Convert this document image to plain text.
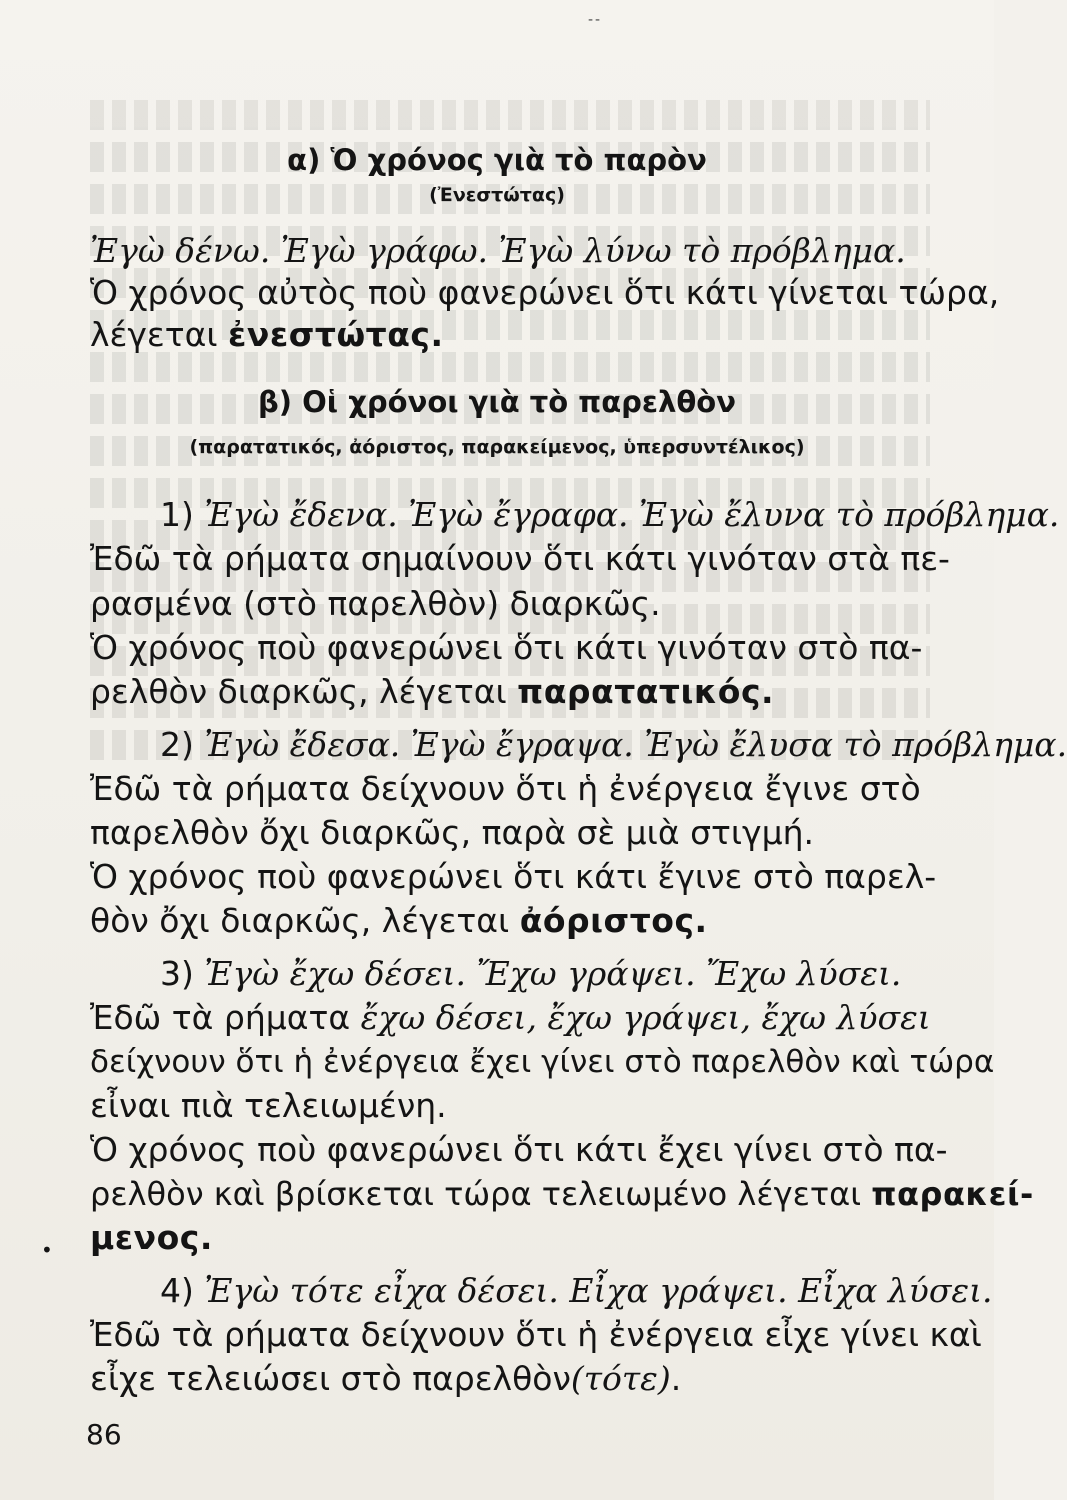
--
α) Ὁ χρόνος γιὰ τὸ παρὸν
(Ἐνεστώτας)
Ἐγὼ δένω. Ἐγὼ γράφω. Ἐγὼ λύνω τὸ πρόβλημα.
Ὁ χρόνος αὐτὸς ποὺ φανερώνει ὅτι κάτι γίνεται τώρα,
λέγεται ἐνεστώτας.
β) Οἱ χρόνοι γιὰ τὸ παρελθὸν
(παρατατικός, ἀόριστος, παρακείμενος, ὑπερσυντέλικος)
1) Ἐγὼ ἔδενα. Ἐγὼ ἔγραφα. Ἐγὼ ἔλυνα τὸ πρόβλημα.
Ἐδῶ τὰ ρήματα σημαίνουν ὅτι κάτι γινόταν στὰ πε-
ρασμένα (στὸ παρελθὸν) διαρκῶς.
Ὁ χρόνος ποὺ φανερώνει ὅτι κάτι γινόταν στὸ πα-
ρελθὸν διαρκῶς, λέγεται παρατατικός.
2) Ἐγὼ ἔδεσα. Ἐγὼ ἔγραψα. Ἐγὼ ἔλυσα τὸ πρόβλημα.
Ἐδῶ τὰ ρήματα δείχνουν ὅτι ἡ ἐνέργεια ἔγινε στὸ
παρελθὸν ὄχι διαρκῶς, παρὰ σὲ μιὰ στιγμή.
Ὁ χρόνος ποὺ φανερώνει ὅτι κάτι ἔγινε στὸ παρελ-
θὸν ὄχι διαρκῶς, λέγεται ἀόριστος.
3) Ἐγὼ ἔχω δέσει. Ἔχω γράψει. Ἔχω λύσει.
Ἐδῶ τὰ ρήματα ἔχω δέσει, ἔχω γράψει, ἔχω λύσει
δείχνουν ὅτι ἡ ἐνέργεια ἔχει γίνει στὸ παρελθὸν καὶ τώρα
εἶναι πιὰ τελειωμένη.
Ὁ χρόνος ποὺ φανερώνει ὅτι κάτι ἔχει γίνει στὸ πα-
ρελθὸν καὶ βρίσκεται τώρα τελειωμένο λέγεται παρακεί-
μενος.
•
4) Ἐγὼ τότε εἶχα δέσει. Εἶχα γράψει. Εἶχα λύσει.
Ἐδῶ τὰ ρήματα δείχνουν ὅτι ἡ ἐνέργεια εἶχε γίνει καὶ
εἶχε τελειώσει στὸ παρελθὸν(τότε).
86
